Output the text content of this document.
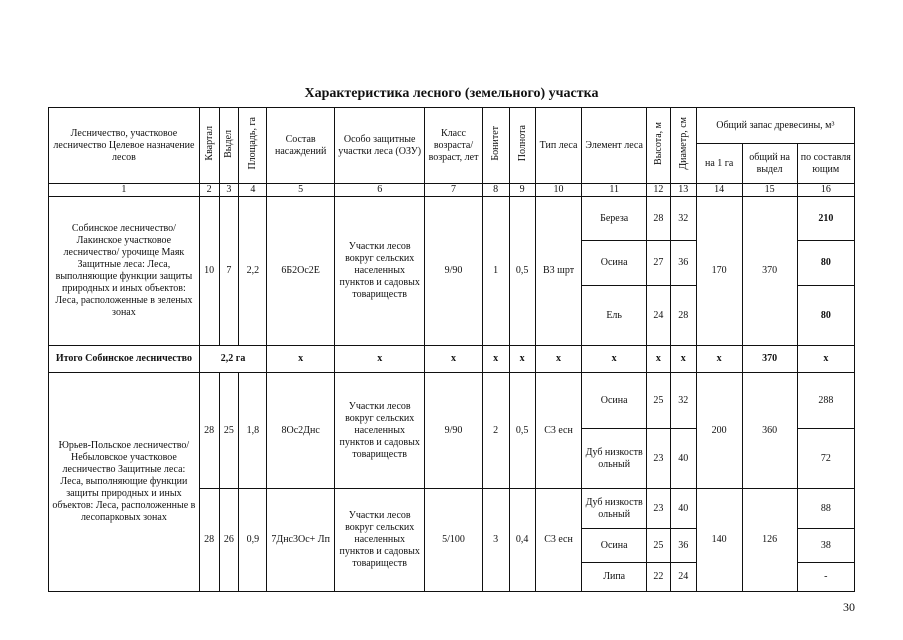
Характеристика лесного (земельного) участка
Лесничество, участковое лесничество Целевое назначение лесов	Квартал	Выдел	Площадь, га	Состав насаждений	Особо защитные участки леса (ОЗУ)	Класс возраста/ возраст, лет	Бонитет	Полнота	Тип леса	Элемент леса	Высота, м	Диаметр, см	Общий запас древесины, м³		
													на 1 га	общий на выдел	по составля ющим
1	2	3	4	5	6	7	8	9	10	11	12	13	14	15	16
Собинское лесничество/ Лакинское участковое лесничество/ урочище Маяк Защитные леса: Леса, выполняющие функции защиты природных и иных объектов: Леса, расположенные в зеленых зонах	10	7	2,2	6Б2Ос2Е	Участки лесов вокруг сельских населенных пунктов и садовых товариществ	9/90	1	0,5	В3 шрт	Береза	28	32	170	370	210
										Осина	27	36			80
										Ель	24	28			80
Итого Собинское лесничество	2,2 га			х	х	х	х	х	х	х	х	х	х	370	х
Юрьев-Польское лесничество/ Небыловское участковое лесничество Защитные леса: Леса, выполняющие функции защиты природных и иных объектов: Леса, расположенные в лесопарковых зонах	28	25	1,8	8Ос2Днс	Участки лесов вокруг сельских населенных пунктов и садовых товариществ	9/90	2	0,5	С3 есн	Осина	25	32	200	360	288
										Дуб низкоств ольный	23	40			72
	28	26	0,9	7Днс3Ос+ Лп	Участки лесов вокруг сельских населенных пунктов и садовых товариществ	5/100	3	0,4	С3 есн	Дуб низкоств ольный	23	40	140	126	88
										Осина	25	36			38
										Липа	22	24			-
30
